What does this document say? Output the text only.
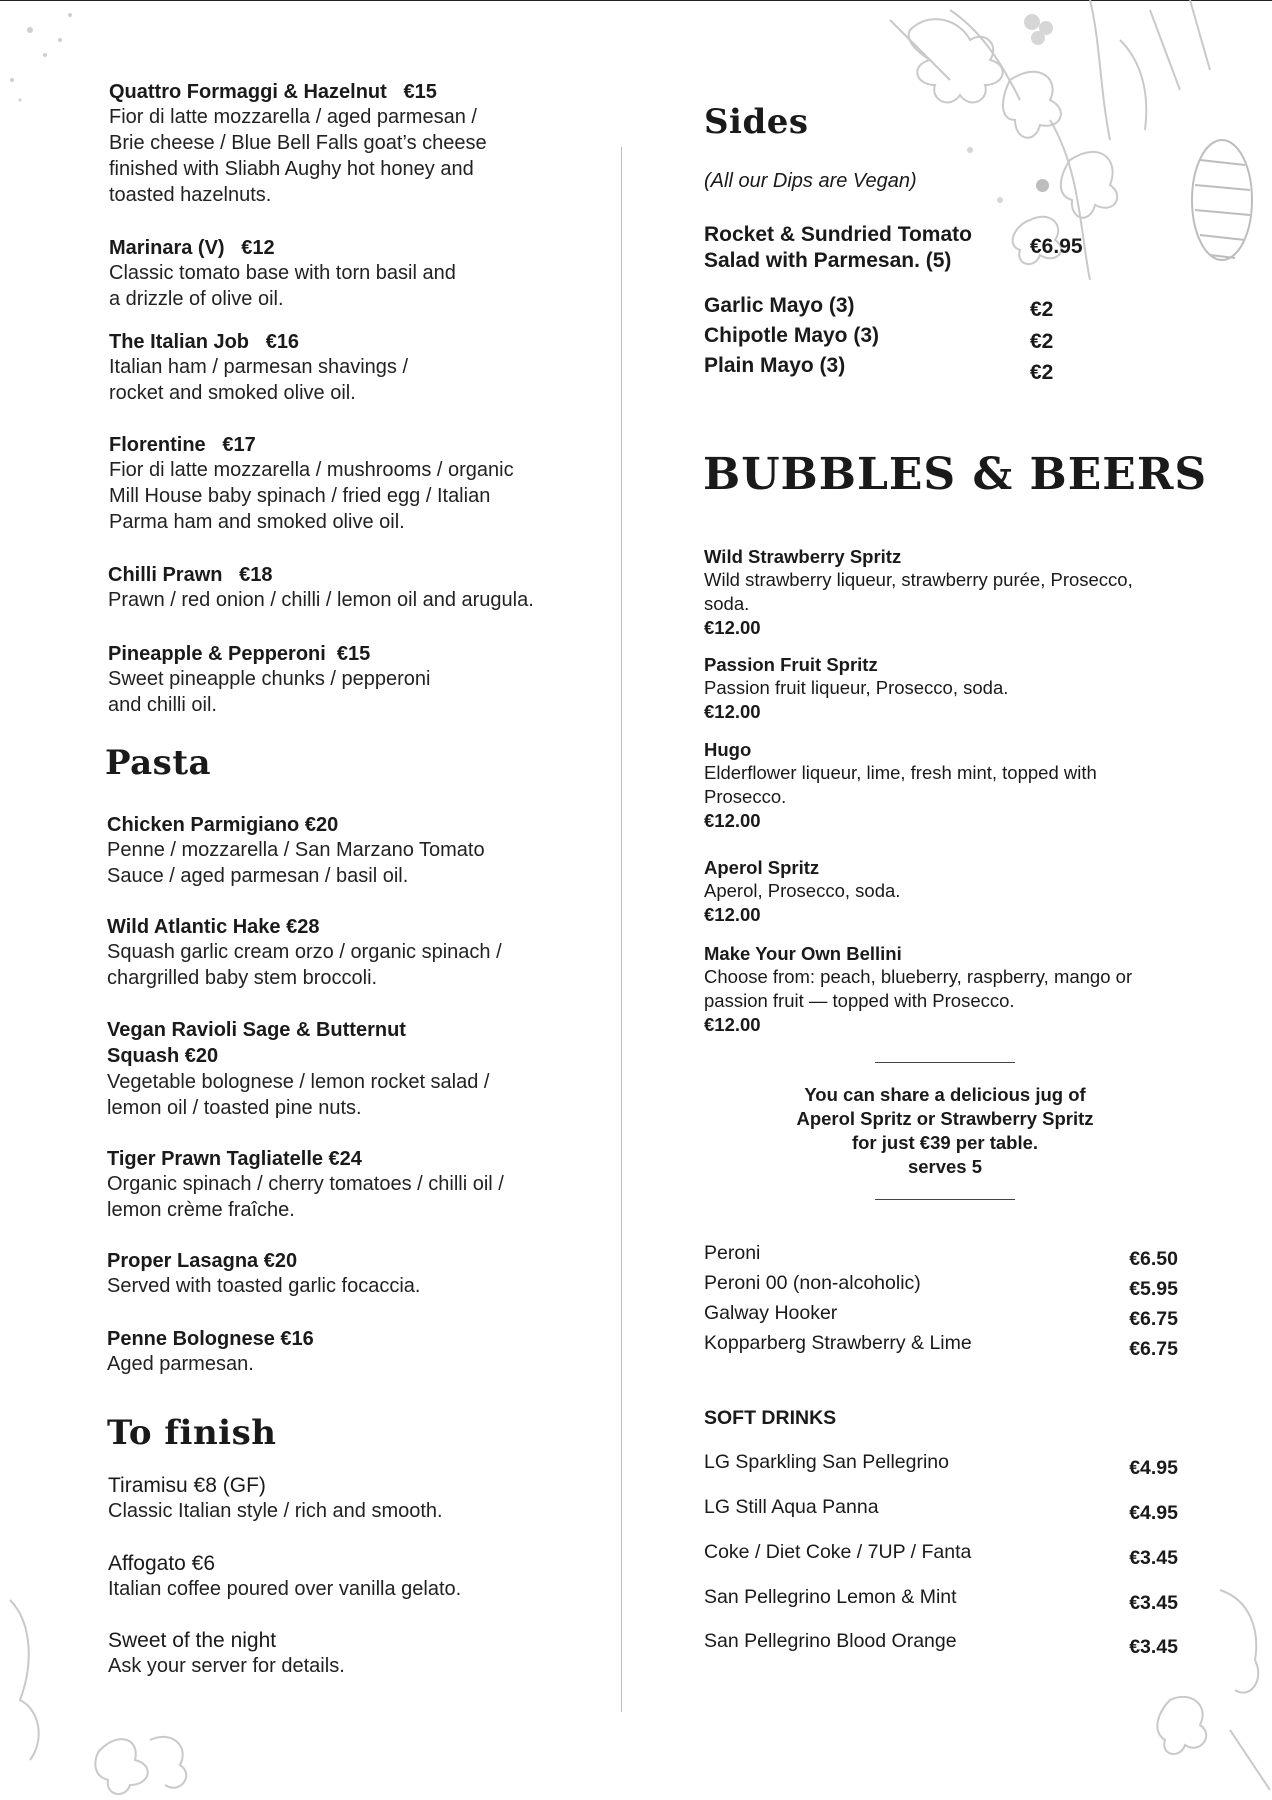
Quattro Formaggi & Hazelnut   €15
Fior di latte mozzarella / aged parmesan /
Brie cheese / Blue Bell Falls goat’s cheese
finished with Sliabh Aughy hot honey and
toasted hazelnuts.
Marinara (V)   €12
Classic tomato base with torn basil and
a drizzle of olive oil.
The Italian Job   €16
Italian ham / parmesan shavings /
rocket and smoked olive oil.
Florentine   €17
Fior di latte mozzarella / mushrooms / organic
Mill House baby spinach / fried egg / Italian
Parma ham and smoked olive oil.
Chilli Prawn   €18
Prawn / red onion / chilli / lemon oil and arugula.
Pineapple & Pepperoni  €15
Sweet pineapple chunks / pepperoni
and chilli oil.
Pasta
Chicken Parmigiano €20
Penne / mozzarella / San Marzano Tomato
Sauce / aged parmesan / basil oil.
Wild Atlantic Hake €28
Squash garlic cream orzo / organic spinach /
chargrilled baby stem broccoli.
Vegan Ravioli Sage & Butternut
Squash €20
Vegetable bolognese / lemon rocket salad /
lemon oil / toasted pine nuts.
Tiger Prawn Tagliatelle €24
Organic spinach / cherry tomatoes / chilli oil /
lemon crème fraîche.
Proper Lasagna €20
Served with toasted garlic focaccia.
Penne Bolognese €16
Aged parmesan.
To finish
Tiramisu €8 (GF)
Classic Italian style / rich and smooth.
Affogato €6
Italian coffee poured over vanilla gelato.
Sweet of the night
Ask your server for details.
Sides
(All our Dips are Vegan)
Rocket & Sundried Tomato
Salad with Parmesan. (5)
€6.95
Garlic Mayo (3)	€2
Chipotle Mayo (3)	€2
Plain Mayo (3)	€2
BUBBLES & BEERS
Wild Strawberry Spritz
Wild strawberry liqueur, strawberry purée, Prosecco,
soda.
€12.00
Passion Fruit Spritz
Passion fruit liqueur, Prosecco, soda.
€12.00
Hugo
Elderflower liqueur, lime, fresh mint, topped with
Prosecco.
€12.00
Aperol Spritz
Aperol, Prosecco, soda.
€12.00
Make Your Own Bellini
Choose from: peach, blueberry, raspberry, mango or
passion fruit — topped with Prosecco.
€12.00
You can share a delicious jug of
Aperol Spritz or Strawberry Spritz
for just €39 per table.
serves 5
Peroni	€6.50
Peroni 00 (non-alcoholic)	€5.95
Galway Hooker	€6.75
Kopparberg Strawberry & Lime	€6.75
SOFT DRINKS
LG Sparkling San Pellegrino	€4.95
LG Still Aqua Panna	€4.95
Coke / Diet Coke / 7UP / Fanta	€3.45
San Pellegrino Lemon & Mint	€3.45
San Pellegrino Blood Orange	€3.45
